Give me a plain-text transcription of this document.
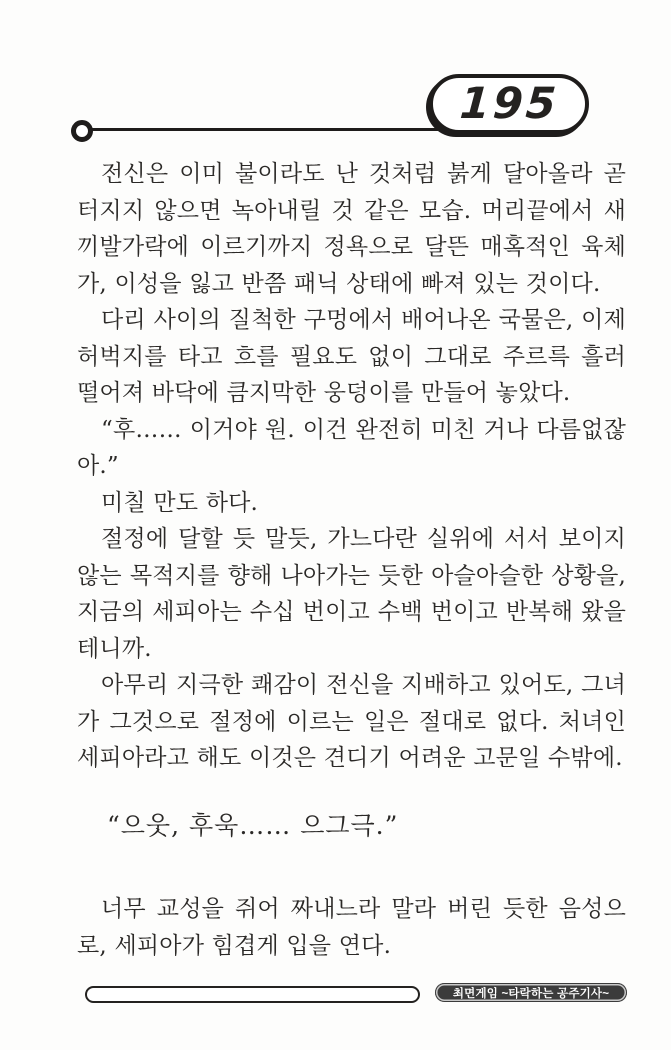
195

전신은 이미 불이라도 난 것처럼 붉게 달아올라 곧 터지지 않으면 녹아내릴 것 같은 모습. 머리끝에서 새끼발가락에 이르기까지 정욕으로 달뜬 매혹적인 육체가, 이성을 잃고 반쯤 패닉 상태에 빠져 있는 것이다.

다리 사이의 질척한 구멍에서 배어나온 국물은, 이제 허벅지를 타고 흐를 필요도 없이 그대로 주르륵 흘러 떨어져 바닥에 큼지막한 웅덩이를 만들어 놓았다.

“후…… 이거야 원. 이건 완전히 미친 거나 다름없잖아.”

미칠 만도 하다.

절정에 달할 듯 말듯, 가느다란 실위에 서서 보이지 않는 목적지를 향해 나아가는 듯한 아슬아슬한 상황을, 지금의 세피아는 수십 번이고 수백 번이고 반복해 왔을 테니까.

아무리 지극한 쾌감이 전신을 지배하고 있어도, 그녀가 그것으로 절정에 이르는 일은 절대로 없다. 처녀인 세피아라고 해도 이것은 견디기 어려운 고문일 수밖에.

“으웃, 후욱…… 으그극.”

너무 교성을 쥐어 짜내느라 말라 버린 듯한 음성으로, 세피아가 힘겹게 입을 연다.

최면게임 ~타락하는 공주기사~
